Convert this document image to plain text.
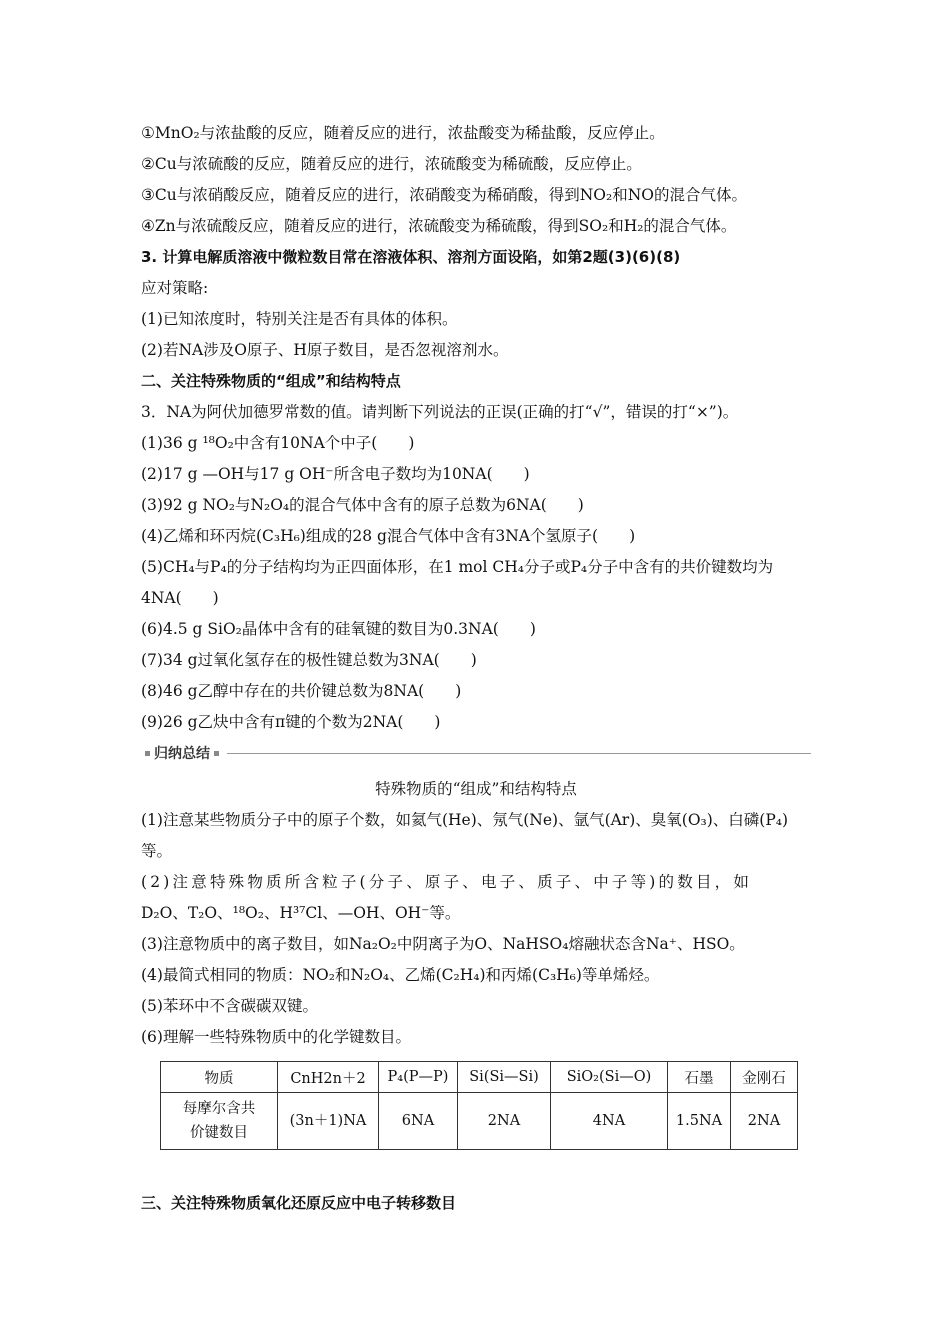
①MnO₂与浓盐酸的反应，随着反应的进行，浓盐酸变为稀盐酸，反应停止。
②Cu与浓硫酸的反应，随着反应的进行，浓硫酸变为稀硫酸，反应停止。
③Cu与浓硝酸反应，随着反应的进行，浓硝酸变为稀硝酸，得到NO₂和NO的混合气体。
④Zn与浓硫酸反应，随着反应的进行，浓硫酸变为稀硫酸，得到SO₂和H₂的混合气体。
3. 计算电解质溶液中微粒数目常在溶液体积、溶剂方面设陷，如第2题(3)(6)(8)
应对策略:
(1)已知浓度时，特别关注是否有具体的体积。
(2)若NA涉及O原子、H原子数目，是否忽视溶剂水。
二、关注特殊物质的“组成”和结构特点
3．NA为阿伏加德罗常数的值。请判断下列说法的正误(正确的打“√”，错误的打“×”)。
(1)36 g ¹⁸O₂中含有10NA个中子(　　)
(2)17 g —OH与17 g OH⁻所含电子数均为10NA(　　)
(3)92 g NO₂与N₂O₄的混合气体中含有的原子总数为6NA(　　)
(4)乙烯和环丙烷(C₃H₆)组成的28 g混合气体中含有3NA个氢原子(　　)
(5)CH₄与P₄的分子结构均为正四面体形，在1 mol CH₄分子或P₄分子中含有的共价键数均为
4NA(　　)
(6)4.5 g SiO₂晶体中含有的硅氧键的数目为0.3NA(　　)
(7)34 g过氧化氢存在的极性键总数为3NA(　　)
(8)46 g乙醇中存在的共价键总数为8NA(　　)
(9)26 g乙炔中含有π键的个数为2NA(　　)
归纳总结
特殊物质的“组成”和结构特点
(1)注意某些物质分子中的原子个数，如氦气(He)、氖气(Ne)、氩气(Ar)、臭氧(O₃)、白磷(P₄)
等。
(2)注意特殊物质所含粒子(分子、原子、电子、质子、中子等)的数目，如
D₂O、T₂O、¹⁸O₂、H³⁷Cl、—OH、OH⁻等。
(3)注意物质中的离子数目，如Na₂O₂中阴离子为O、NaHSO₄熔融状态含Na⁺、HSO。
(4)最简式相同的物质：NO₂和N₂O₄、乙烯(C₂H₄)和丙烯(C₃H₆)等单烯烃。
(5)苯环中不含碳碳双键。
(6)理解一些特殊物质中的化学键数目。
物质	CnH2n＋2	P₄(P—P)	Si(Si—Si)	SiO₂(Si—O)	石墨	金刚石

每摩尔含共
价键数目	(3n＋1)NA	6NA	2NA	4NA	1.5NA	2NA
三、关注特殊物质氧化还原反应中电子转移数目
